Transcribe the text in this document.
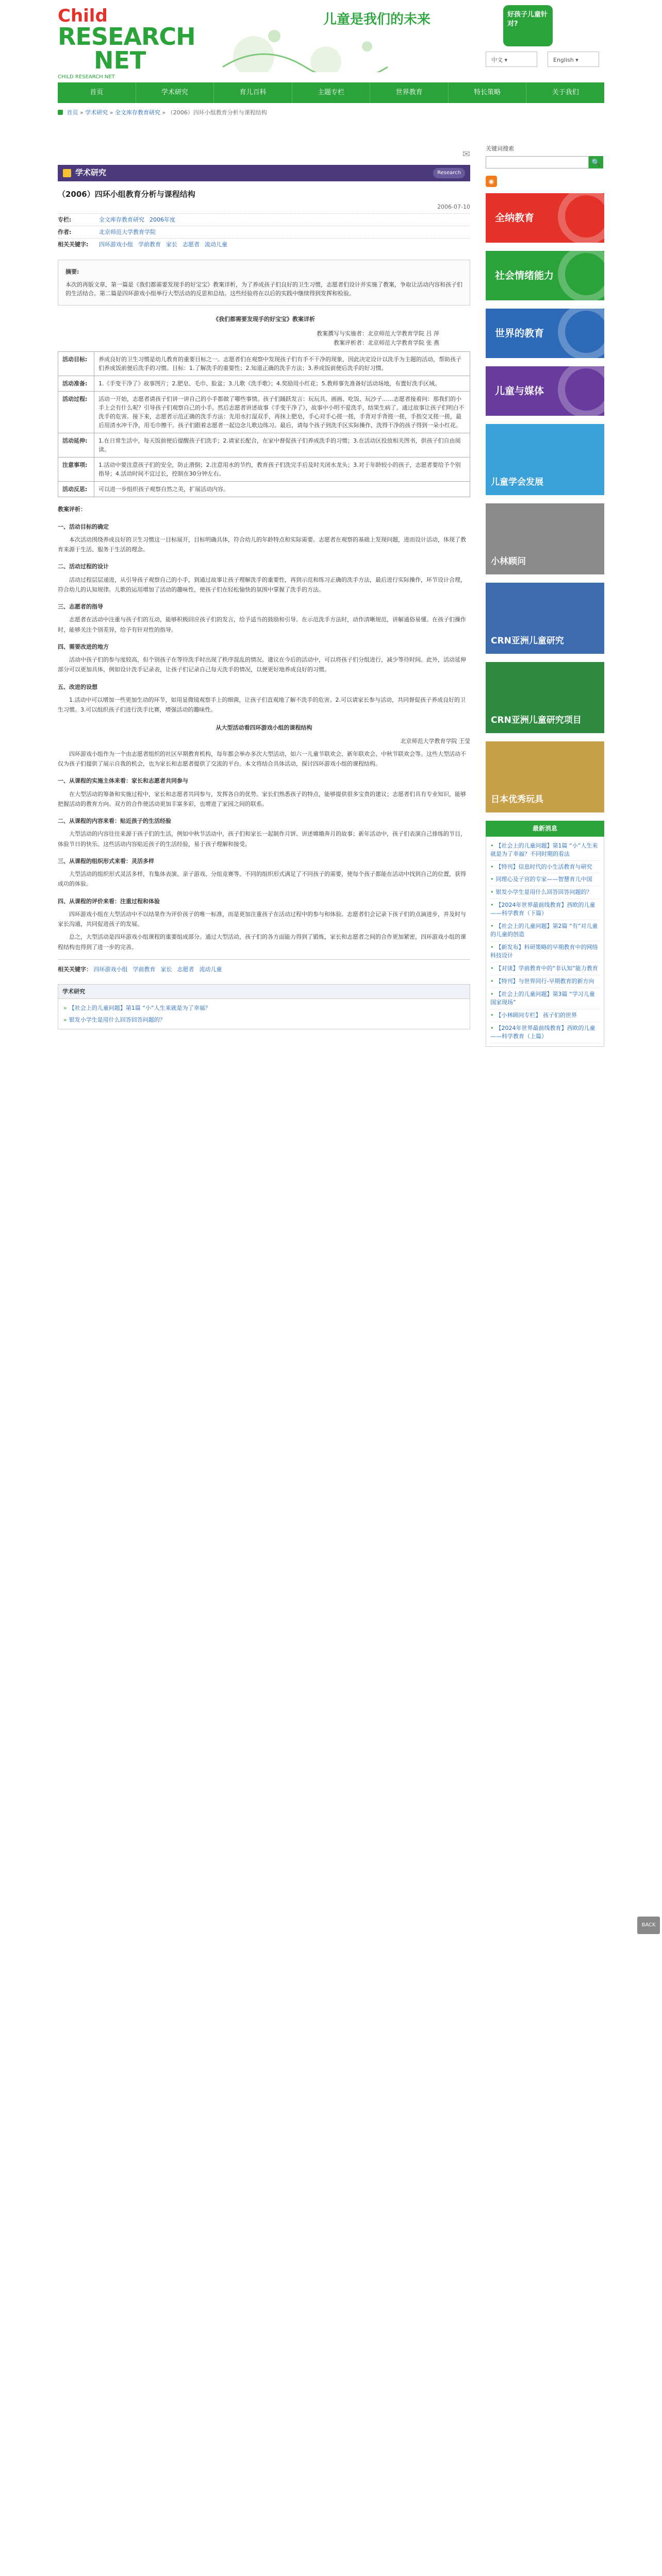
Child
RESEARCH
NET
CHILD RESEARCH NET
儿童是我们的未来	好孩子儿童针对?
中文 ▾	English ▾
首页	学术研究	育儿百科	主题专栏	世界教育	特长策略	关于我们
首页 » 学术研究 » 全文库存教育研究 » （2006）四环小组教育分析与课程结构
✉
学术研究	Research
（2006）四环小组教育分析与课程结构
2006-07-10
专栏:	全文库存教育研究 2006年度
作者:	北京师范大学教育学院
相关关键字: 四环游戏小组 学前教育 家长 志愿者 流动儿童
摘要:
本次的再版文章，第一篇是《我们都需要发现手的好宝宝》教案详析，为了养成孩子们良好的卫生习惯，志愿者们设计并实施了教案，争取让活动内容和孩子们的生活结合。第二篇是四环游戏小组举行大型活动的反思和总结。这些经验将在以后的实践中继续得到发挥和检验。
《我们都需要发现手的好宝宝》教案详析
教案撰写与实施者：北京师范大学教育学院 吕 萍
教案评析者：北京师范大学教育学院 张 燕
活动目标:	养成良好的卫生习惯是幼儿教育的重要目标之一。志愿者们在观察中发现孩子们有手不干净的现象，因此决定设计以洗手为主题的活动，帮助孩子们养成饭前便后洗手的习惯。目标：1.了解洗手的重要性；2.知道正确的洗手方法；3.养成饭前便后洗手的好习惯。
活动准备:	1.《手变干净了》故事图片；2.肥皂、毛巾、脸盆；3.儿歌《洗手歌》；4.奖励用小红花；5.教师事先准备好活动场地，布置好洗手区域。
活动过程:	活动一开始，志愿者请孩子们讲一讲自己的小手都做了哪些事情。孩子们踊跃发言：玩玩具、画画、吃饭、玩沙子……志愿者接着问：那我们的小手上会有什么呢？引导孩子们观察自己的小手。然后志愿者讲述故事《手变干净了》，故事中小明不爱洗手，结果生病了。通过故事让孩子们明白不洗手的危害。接下来，志愿者示范正确的洗手方法：先用水打湿双手，再抹上肥皂，手心对手心搓一搓，手背对手背搓一搓，手指交叉搓一搓，最后用清水冲干净，用毛巾擦干。孩子们跟着志愿者一起边念儿歌边练习。最后，请每个孩子到洗手区实际操作，洗得干净的孩子得到一朵小红花。
活动延伸:	1.在日常生活中，每天饭前便后提醒孩子们洗手；2.请家长配合，在家中督促孩子们养成洗手的习惯；3.在活动区投放相关图书，供孩子们自由阅读。
注意事项:	1.活动中要注意孩子们的安全，防止滑倒；2.注意用水的节约，教育孩子们洗完手后及时关闭水龙头；3.对于年龄较小的孩子，志愿者要给予个别指导；4.活动时间不宜过长，控制在30分钟左右。
活动反思:	可以进一步组织孩子观察自然之美，扩展活动内容。
教案评析：
一、活动目标的确定

本次活动围绕养成良好的卫生习惯这一目标展开，目标明确具体，符合幼儿的年龄特点和实际需要。志愿者在观察的基础上发现问题，进而设计活动，体现了教育来源于生活、服务于生活的理念。

二、活动过程的设计

活动过程层层递进，从引导孩子观察自己的小手，到通过故事让孩子理解洗手的重要性，再到示范和练习正确的洗手方法，最后进行实际操作，环节设计合理，符合幼儿的认知规律。儿歌的运用增加了活动的趣味性，使孩子们在轻松愉快的氛围中掌握了洗手的方法。

三、志愿者的指导

志愿者在活动中注重与孩子们的互动，能够积极回应孩子们的发言，给予适当的鼓励和引导。在示范洗手方法时，动作清晰规范，讲解通俗易懂。在孩子们操作时，能够关注个别差异，给予有针对性的指导。

四、需要改进的地方

活动中孩子们的参与度较高，但个别孩子在等待洗手时出现了秩序混乱的情况。建议在今后的活动中，可以将孩子们分组进行，减少等待时间。此外，活动延伸部分可以更加具体，例如设计洗手记录表，让孩子们记录自己每天洗手的情况，以便更好地养成良好的习惯。

五、改进的设想

1.活动中可以增加一些更加生动的环节，如用显微镜观察手上的细菌，让孩子们直观地了解不洗手的危害。2.可以请家长参与活动，共同督促孩子养成良好的卫生习惯。3.可以组织孩子们进行洗手比赛，增强活动的趣味性。

从大型活动看四环游戏小组的课程结构

北京师范大学教育学院 王莹

四环游戏小组作为一个由志愿者组织的社区早期教育机构，每年都会举办多次大型活动，如六一儿童节联欢会、新年联欢会、中秋节联欢会等。这些大型活动不仅为孩子们提供了展示自我的机会，也为家长和志愿者提供了交流的平台。本文将结合具体活动，探讨四环游戏小组的课程结构。

一、从课程的实施主体来看：家长和志愿者共同参与

在大型活动的筹备和实施过程中，家长和志愿者共同参与，发挥各自的优势。家长们熟悉孩子的特点，能够提供很多宝贵的建议；志愿者们具有专业知识，能够把握活动的教育方向。双方的合作使活动更加丰富多彩，也增进了家园之间的联系。

二、从课程的内容来看：贴近孩子的生活经验

大型活动的内容往往来源于孩子们的生活，例如中秋节活动中，孩子们和家长一起制作月饼、讲述嫦娥奔月的故事；新年活动中，孩子们表演自己排练的节目，体验节日的快乐。这些活动内容贴近孩子的生活经验，易于孩子理解和接受。

三、从课程的组织形式来看：灵活多样

大型活动的组织形式灵活多样，有集体表演、亲子游戏、分组竞赛等。不同的组织形式满足了不同孩子的需要，使每个孩子都能在活动中找到自己的位置，获得成功的体验。

四、从课程的评价来看：注重过程和体验

四环游戏小组在大型活动中不以结果作为评价孩子的唯一标准，而是更加注重孩子在活动过程中的参与和体验。志愿者们会记录下孩子们的点滴进步，并及时与家长沟通，共同促进孩子的发展。

总之，大型活动是四环游戏小组课程的重要组成部分。通过大型活动，孩子们的各方面能力得到了锻炼，家长和志愿者之间的合作更加紧密，四环游戏小组的课程结构也得到了进一步的完善。

相关关键字： 四环游戏小组 学前教育 家长 志愿者 流动儿童
学术研究
» 【社会上的儿童问题】第1篇 “小”人生来就是为了幸福？
» 银发小学生是用什么回答回答问题的？
关键词搜索
🔍
◉
全纳教育
社会情绪能力
世界的教育
儿童与媒体
儿童学会发展
小林顾问
CRN亚洲儿童研究
CRN亚洲儿童研究项目
日本优秀玩具
最新消息
• 【社会上的儿童问题】第1篇 “小”人生来就是为了幸福？不同时期的看法
• 【特刊】信息时代的小生活教育与研究
• 同理心及子宫的专家——智慧育儿中国
• 银发小学生是用什么回答回答问题的？
• 【2024年世界最前线教育】西欧的儿童——科学教育（下篇）
• 【社会上的儿童问题】第2篇 “有”对儿童的儿童的创造
• 【新发布】科研策略的早期教育中的网络科技设计
• 【对谈】学前教育中的“非认知”能力教育
• 【特刊】与世界同行-早期教育的新方向
• 【社会上的儿童问题】第3篇 “学习儿童国家现场”
• 【小林顾问专栏】 孩子们的世界
• 【2024年世界最前线教育】西欧的儿童——科学教育（上篇）
BACK TOP
